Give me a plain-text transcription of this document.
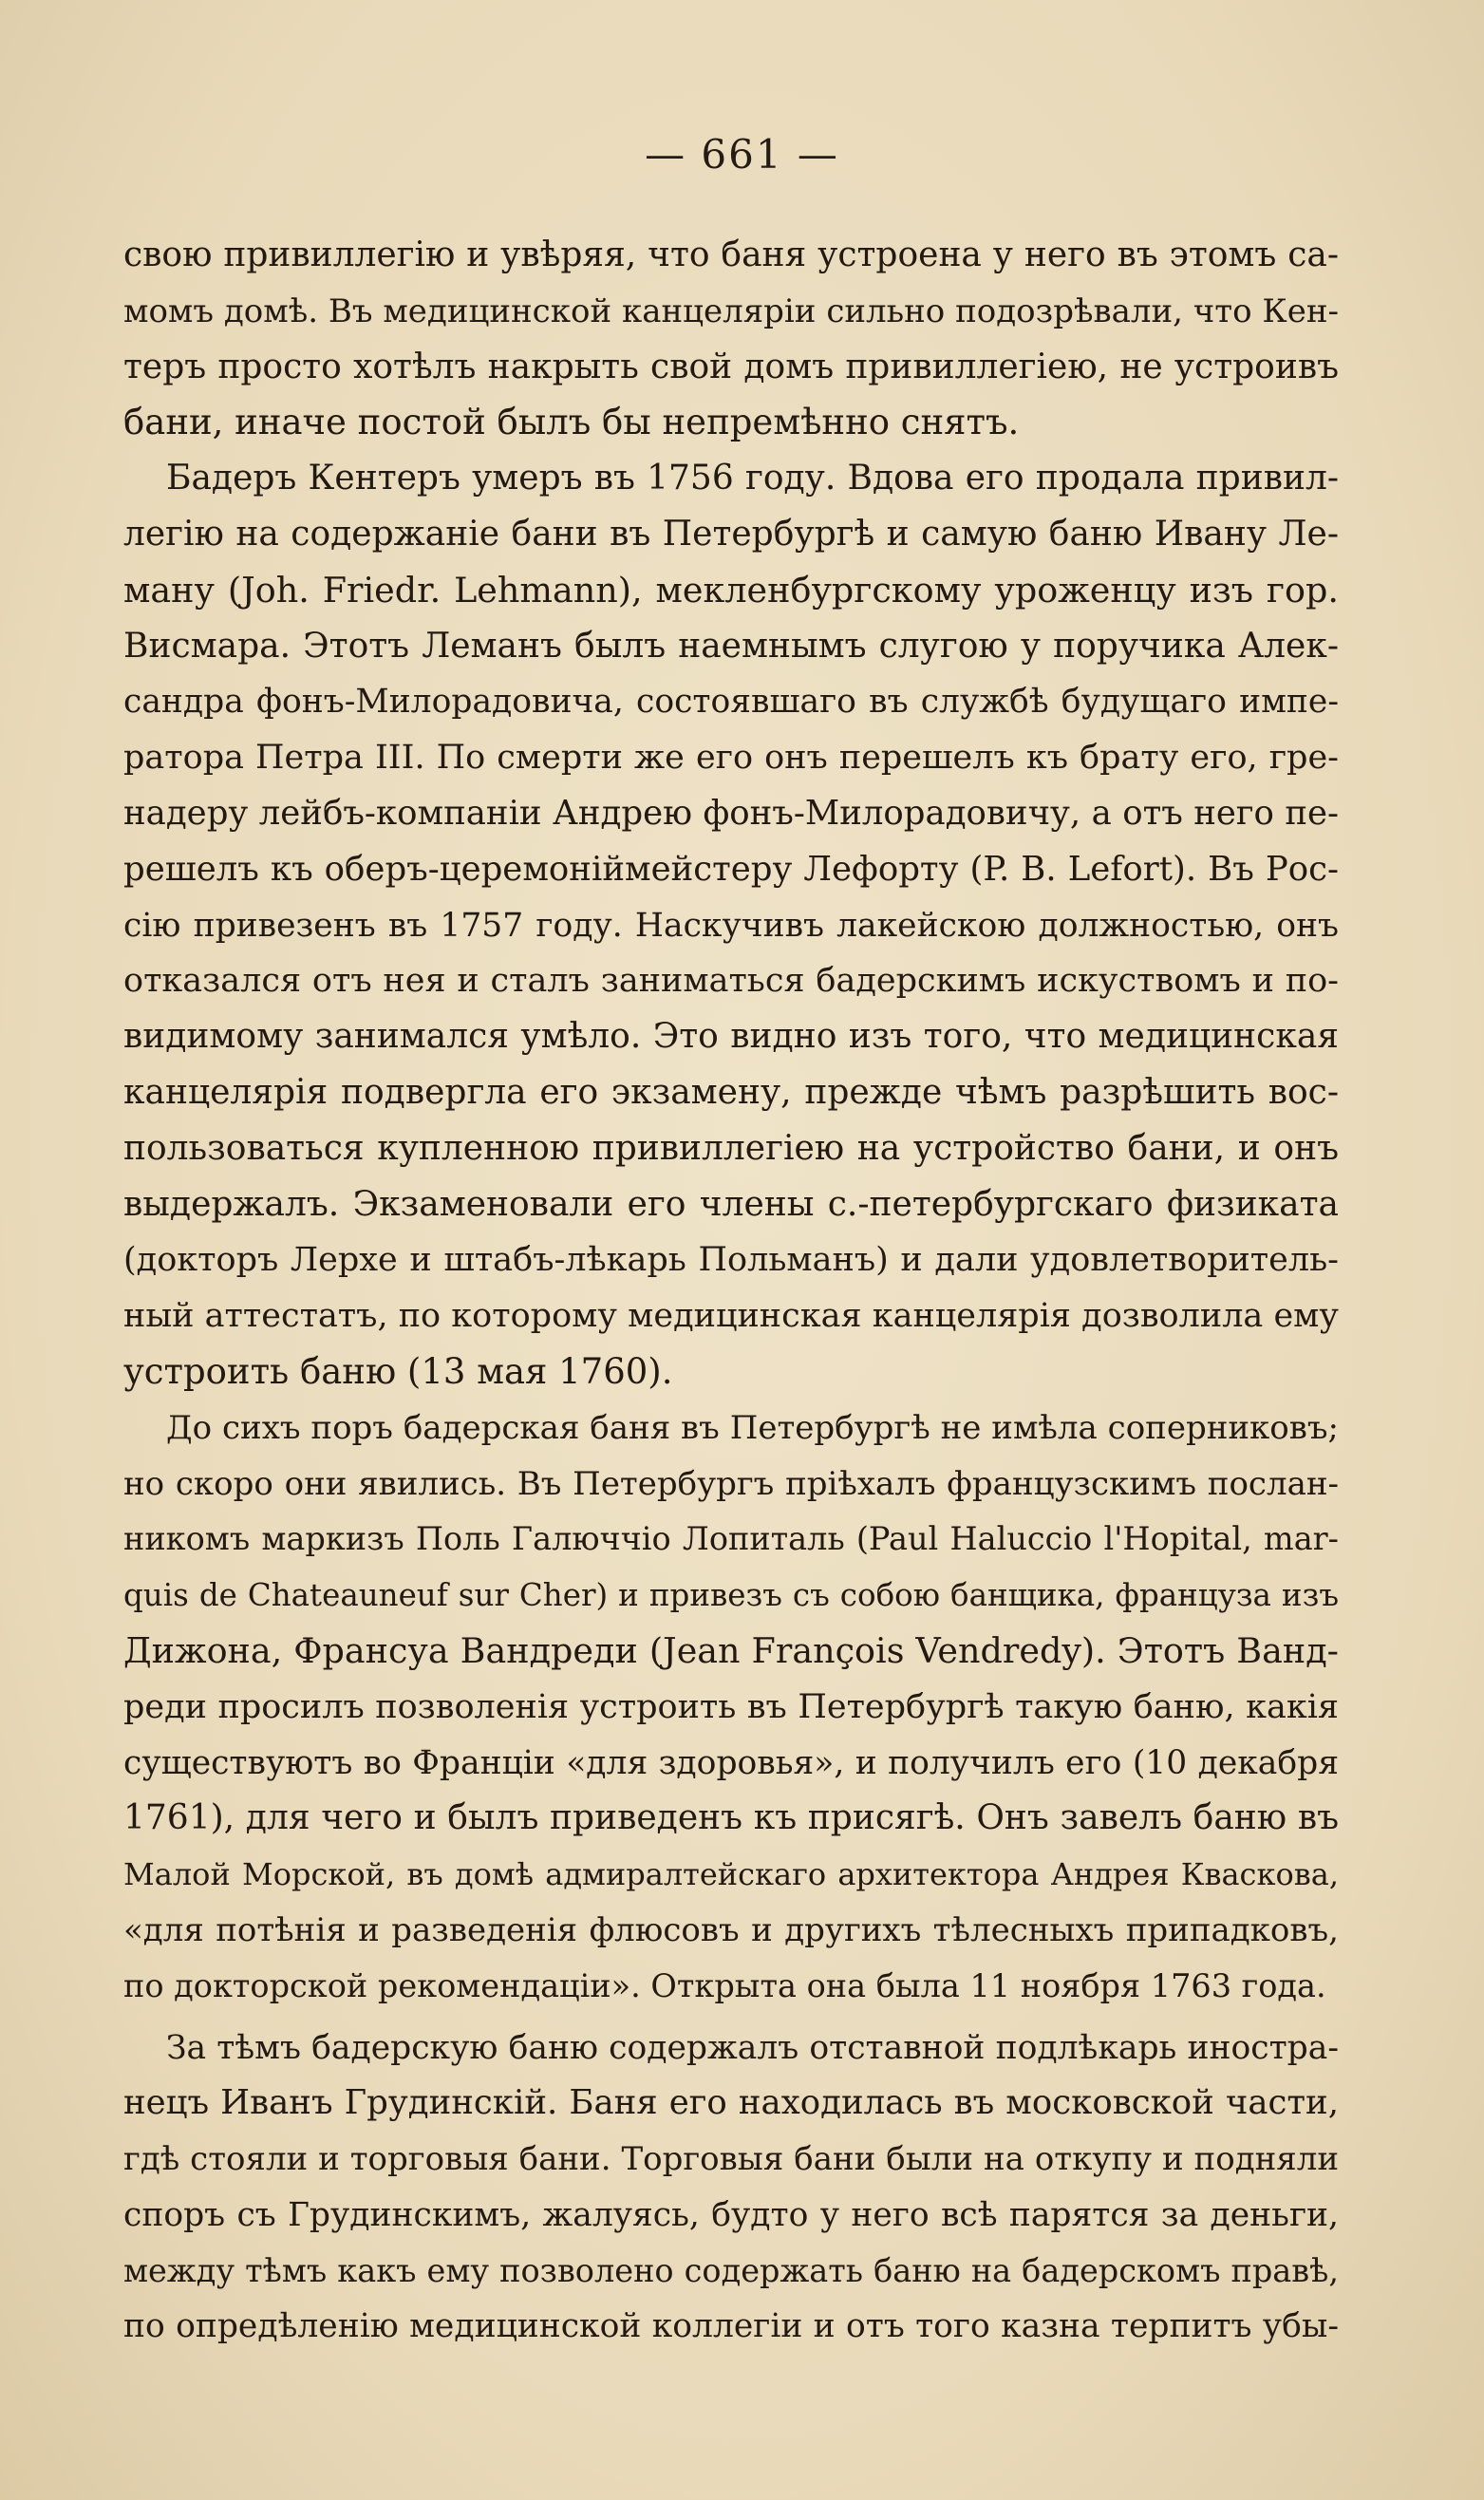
— 661 —
свою привиллегію и увѣряя, что баня устроена у него въ этомъ са-
момъ домѣ. Въ медицинской канцеляріи сильно подозрѣвали, что Кен-
теръ просто хотѣлъ накрыть свой домъ привиллегіею, не устроивъ
бани, иначе постой былъ бы непремѣнно снятъ.
Бадеръ Кентеръ умеръ въ 1756 году. Вдова его продала привил-
легію на содержаніе бани въ Петербургѣ и самую баню Ивану Ле-
ману (Joh. Friedr. Lehmann), мекленбургскому уроженцу изъ гор.
Висмара. Этотъ Леманъ былъ наемнымъ слугою у поручика Алек-
сандра фонъ-Милорадовича, состоявшаго въ службѣ будущаго импе-
ратора Петра III. По смерти же его онъ перешелъ къ брату его, гре-
надеру лейбъ-компаніи Андрею фонъ-Милорадовичу, а отъ него пе-
решелъ къ оберъ-церемоніймейстеру Лефорту (P. B. Lefort). Въ Рос-
сію привезенъ въ 1757 году. Наскучивъ лакейскою должностью, онъ
отказался отъ нея и сталъ заниматься бадерскимъ искуствомъ и по-
видимому занимался умѣло. Это видно изъ того, что медицинская
канцелярія подвергла его экзамену, прежде чѣмъ разрѣшить вос-
пользоваться купленною привиллегіею на устройство бани, и онъ
выдержалъ. Экзаменовали его члены с.-петербургскаго физиката
(докторъ Лерхе и штабъ-лѣкарь Польманъ) и дали удовлетворитель-
ный аттестатъ, по которому медицинская канцелярія дозволила ему
устроить баню (13 мая 1760).
До сихъ поръ бадерская баня въ Петербургѣ не имѣла соперниковъ;
но скоро они явились. Въ Петербургъ пріѣхалъ французскимъ послан-
никомъ маркизъ Поль Галюччіо Лопиталь (Paul Haluccio l'Hopital, mar-
quis de Chateauneuf sur Cher) и привезъ съ собою банщика, француза изъ
Дижона, Франсуа Вандреди (Jean François Vendredy). Этотъ Ванд-
реди просилъ позволенія устроить въ Петербургѣ такую баню, какія
существуютъ во Франціи «для здоровья», и получилъ его (10 декабря
1761), для чего и былъ приведенъ къ присягѣ. Онъ завелъ баню въ
Малой Морской, въ домѣ адмиралтейскаго архитектора Андрея Кваскова,
«для потѣнія и разведенія флюсовъ и другихъ тѣлесныхъ припадковъ,
по докторской рекомендаціи». Открыта она была 11 ноября 1763 года.
За тѣмъ бадерскую баню содержалъ отставной подлѣкарь иностра-
нецъ Иванъ Грудинскій. Баня его находилась въ московской части,
гдѣ стояли и торговыя бани. Торговыя бани были на откупу и подняли
споръ съ Грудинскимъ, жалуясь, будто у него всѣ парятся за деньги,
между тѣмъ какъ ему позволено содержать баню на бадерскомъ правѣ,
по опредѣленію медицинской коллегіи и отъ того казна терпитъ убы-
